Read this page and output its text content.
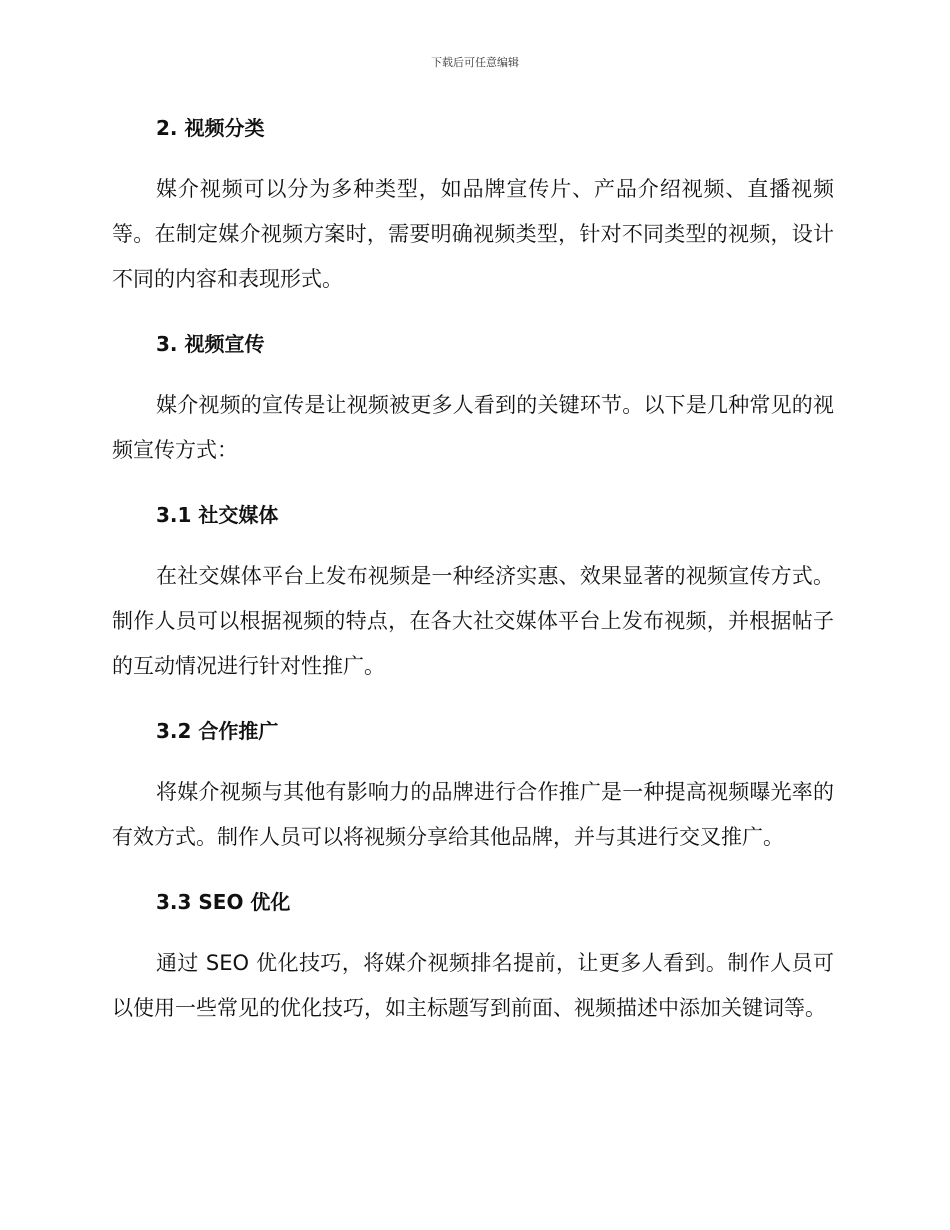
下载后可任意编辑
2. 视频分类

媒介视频可以分为多种类型，如品牌宣传片、产品介绍视频、直播视频等。在制定媒介视频方案时，需要明确视频类型，针对不同类型的视频，设计不同的内容和表现形式。

3. 视频宣传

媒介视频的宣传是让视频被更多人看到的关键环节。以下是几种常见的视频宣传方式：

3.1 社交媒体

在社交媒体平台上发布视频是一种经济实惠、效果显著的视频宣传方式。制作人员可以根据视频的特点，在各大社交媒体平台上发布视频，并根据帖子的互动情况进行针对性推广。

3.2 合作推广

将媒介视频与其他有影响力的品牌进行合作推广是一种提高视频曝光率的有效方式。制作人员可以将视频分享给其他品牌，并与其进行交叉推广。

3.3 SEO 优化

通过 SEO 优化技巧，将媒介视频排名提前，让更多人看到。制作人员可以使用一些常见的优化技巧，如主标题写到前面、视频描述中添加关键词等。
